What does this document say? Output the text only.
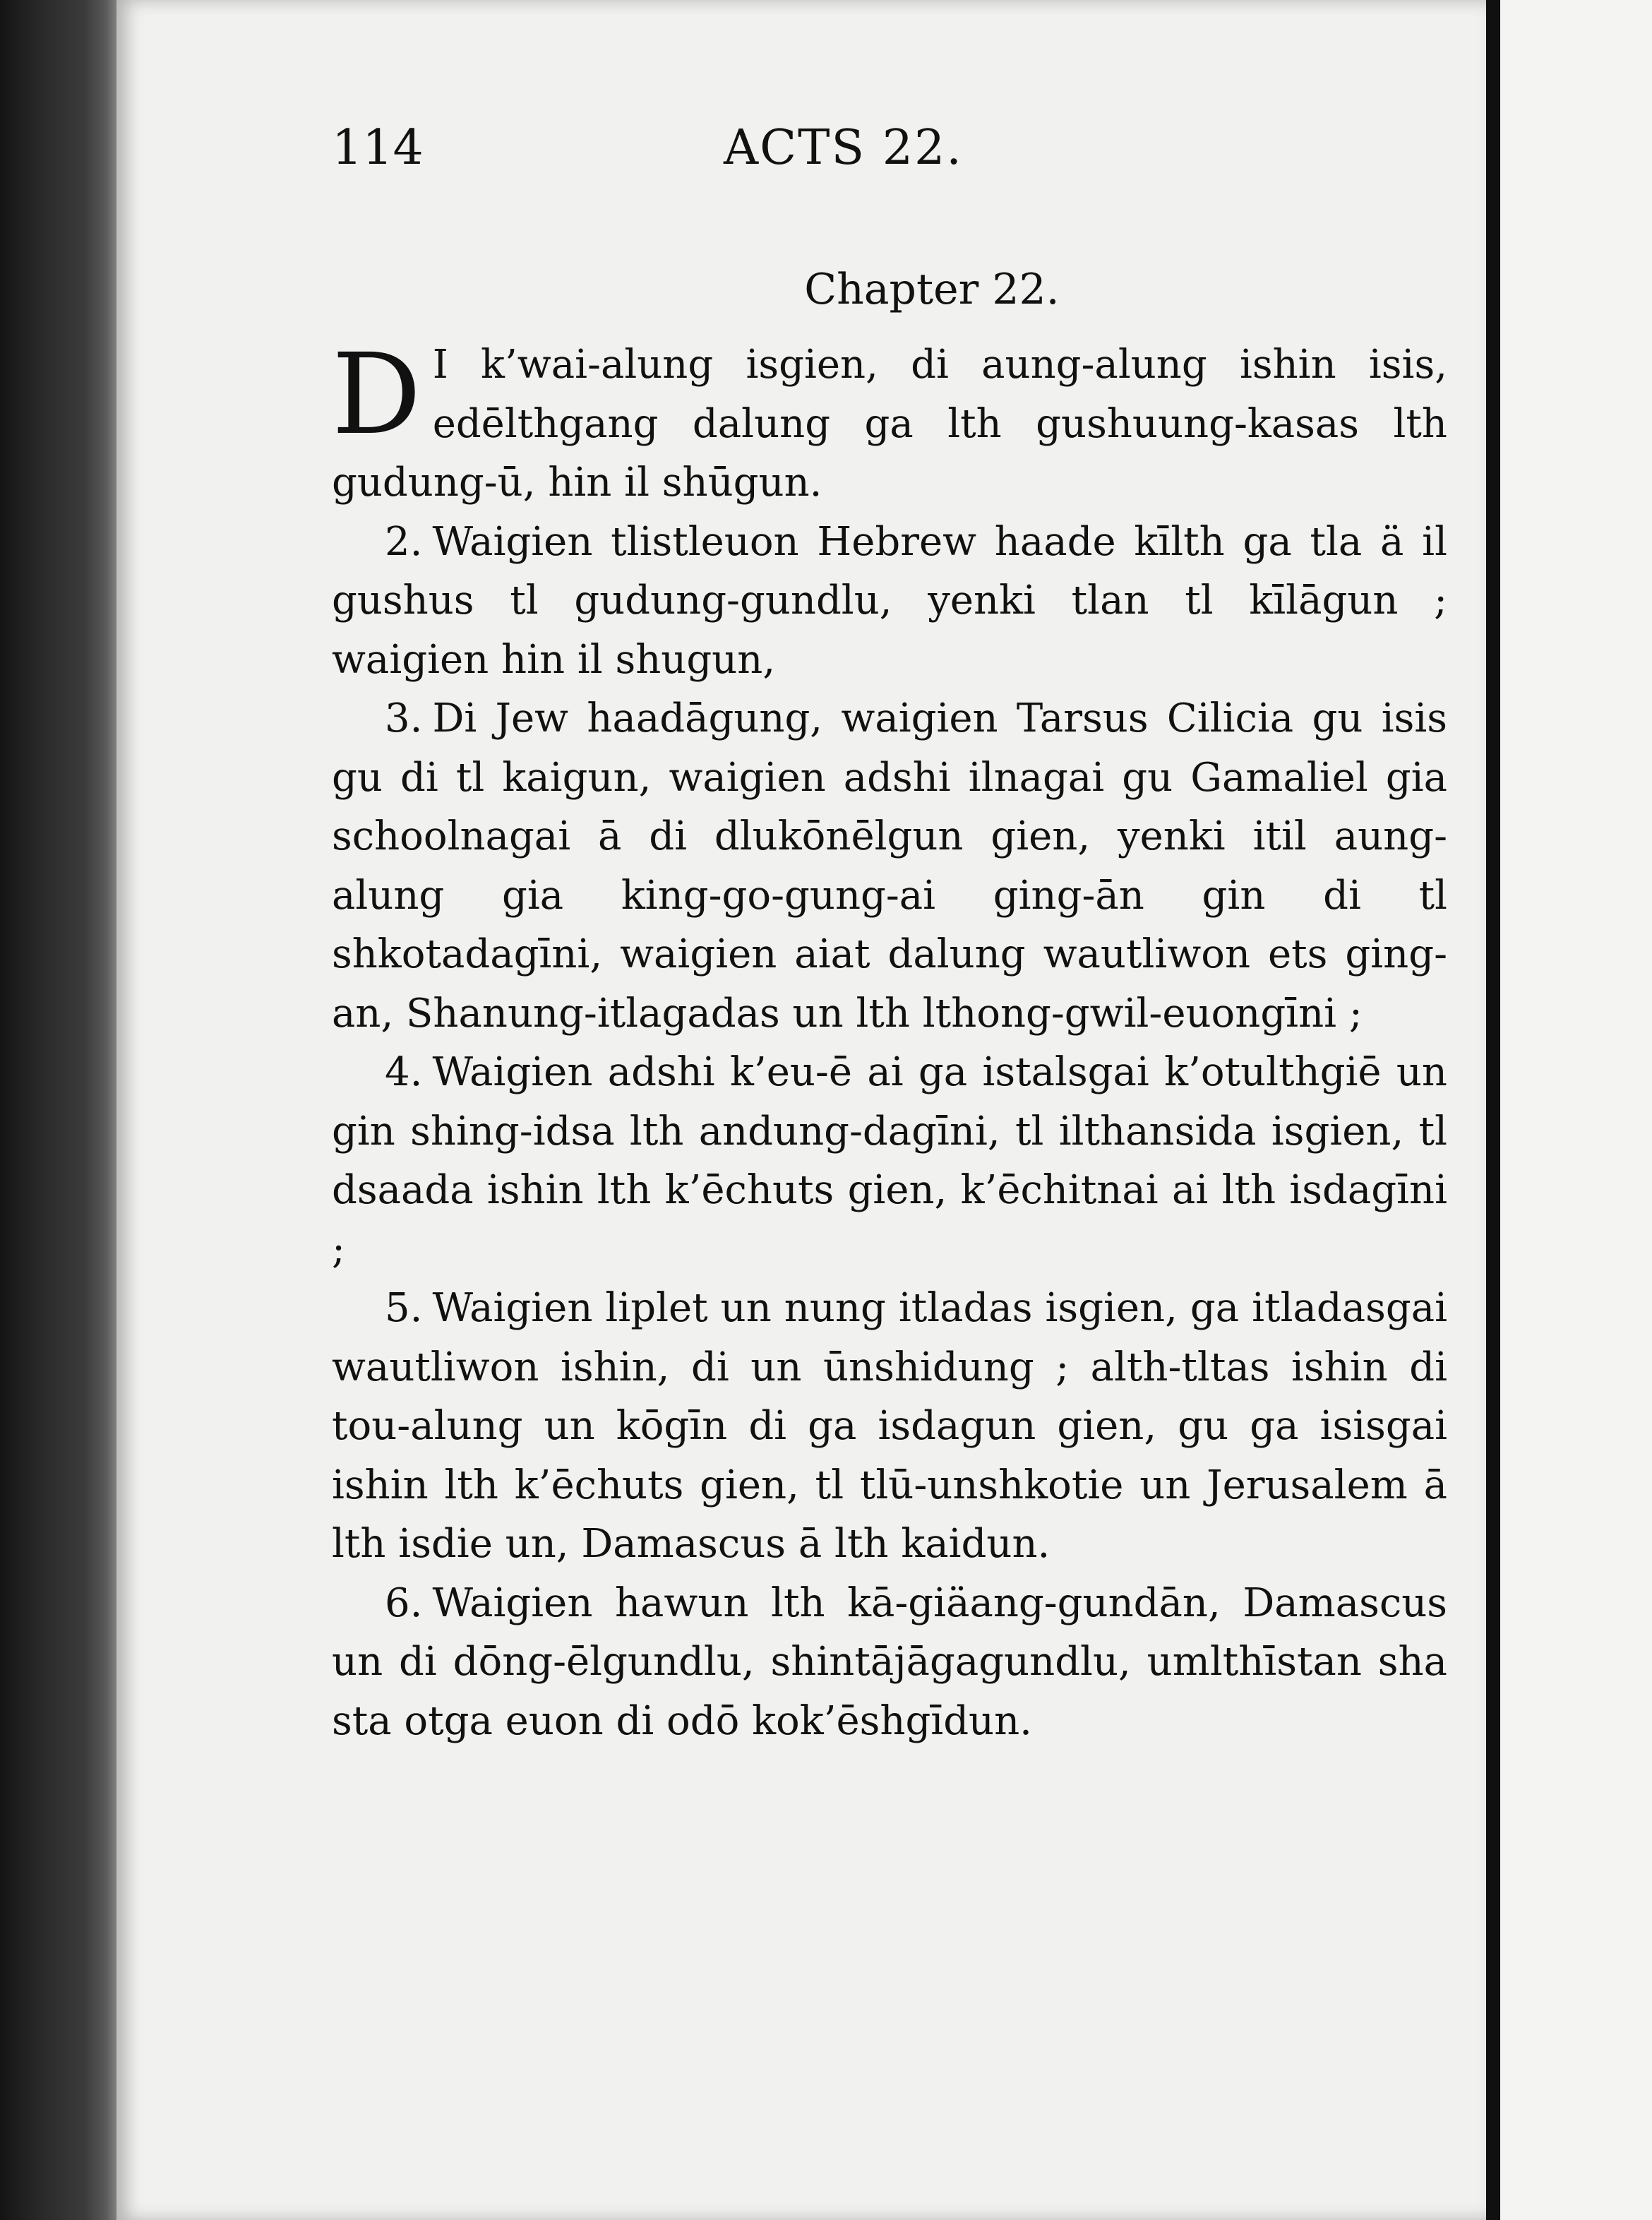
114	ACTS 22.
Chapter 22.

D I k’wai-alung isgien, di aung-alung ishin isis, edēlthgang dalung ga lth gushuung-kasas lth gudung-ū, hin il shūgun.

2. Waigien tlistleuon Hebrew haade kīlth ga tla ä il gushus tl gudung-gundlu, yenki tlan tl kīlāgun ; waigien hin il shugun,

3. Di Jew haadāgung, waigien Tarsus Cilicia gu isis gu di tl kaigun, waigien adshi ilnagai gu Gamaliel gia schoolnagai ā di dlukōnēlgun gien, yenki itil aung-alung gia king-go-gung-ai ging-ān gin di tl shkotadagīni, waigien aiat dalung wautliwon ets ging-an, Shanung-itlagadas un lth lthong-gwil-euongīni ;

4. Waigien adshi k’eu-ē ai ga istalsgai k’otulthgiē un gin shing-idsa lth andung-dagīni, tl ilthansida isgien, tl dsaada ishin lth k’ēchuts gien, k’ēchitnai ai lth isdagīni ;

5. Waigien liplet un nung itladas isgien, ga itladasgai wautliwon ishin, di un ūnshidung ; alth-tltas ishin di tou-alung un kōgīn di ga isdagun gien, gu ga isisgai ishin lth k’ēchuts gien, tl tlū-unshkotie un Jerusalem ā lth isdie un, Damascus ā lth kaidun.

6. Waigien hawun lth kā-giäang-gundān, Damascus un di dōng-ēlgundlu, shintājāgagundlu, umlthīstan sha sta otga euon di odō kok’ēshgīdun.
